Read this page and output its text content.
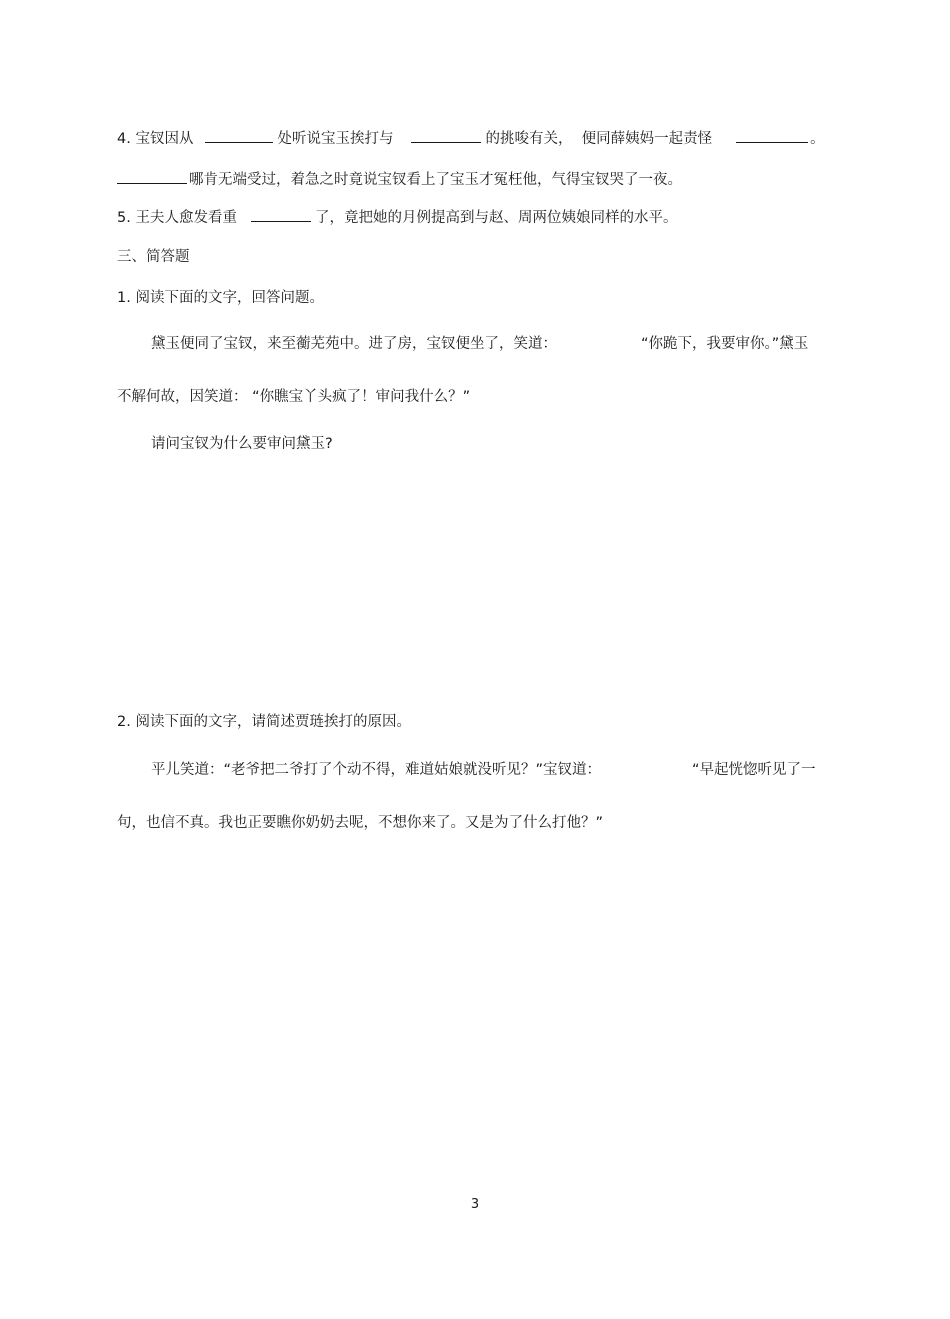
4. 宝钗因从	处听说宝玉挨打与	的挑唆有关， 便同薛姨妈一起责怪	。
哪肯无端受过，着急之时竟说宝钗看上了宝玉才冤枉他，气得宝钗哭了一夜。
5. 王夫人愈发看重	了，竟把她的月例提高到与赵、周两位姨娘同样的水平。
三、简答题
1. 阅读下面的文字，回答问题。
黛玉便同了宝钗，来至蘅芜苑中。进了房，宝钗便坐了，笑道：	“你跪下，我要审你。”黛玉
不解何故，因笑道： “你瞧宝丫头疯了！审问我什么？”
请问宝钗为什么要审问黛玉?
2. 阅读下面的文字，请简述贾琏挨打的原因。
平儿笑道：“老爷把二爷打了个动不得，难道姑娘就没听见？”宝钗道：	“早起恍惚听见了一
句，也信不真。我也正要瞧你奶奶去呢，不想你来了。又是为了什么打他？”
3
